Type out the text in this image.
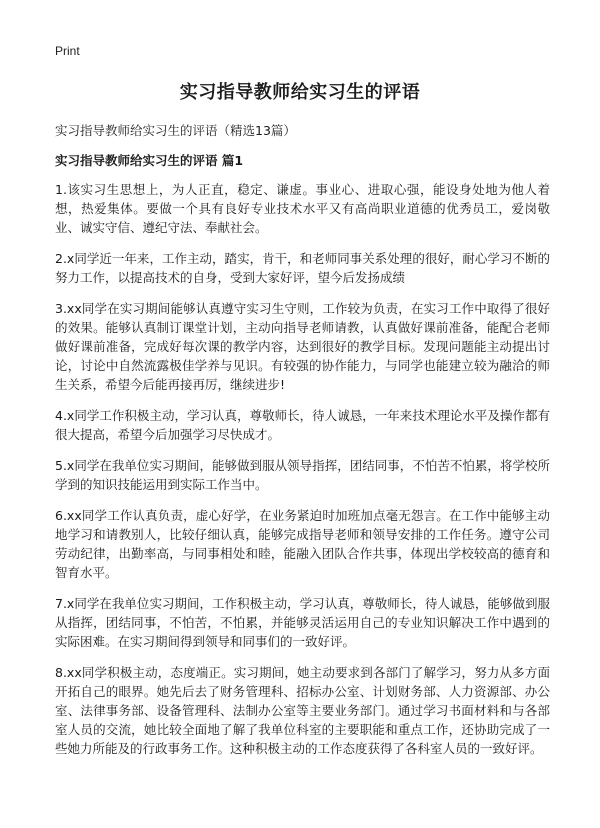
Print
实习指导教师给实习生的评语
实习指导教师给实习生的评语（精选13篇）
实习指导教师给实习生的评语 篇1

1.该实习生思想上，为人正直，稳定、谦虚。事业心、进取心强，能设身处地为他人着想，热爱集体。要做一个具有良好专业技术水平又有高尚职业道德的优秀员工，爱岗敬业、诚实守信、遵纪守法、奉献社会。

2.x同学近一年来，工作主动，踏实，肯干，和老师同事关系处理的很好，耐心学习不断的努力工作，以提高技术的自身，受到大家好评，望今后发扬成绩

3.xx同学在实习期间能够认真遵守实习生守则，工作较为负责，在实习工作中取得了很好的效果。能够认真制订课堂计划，主动向指导老师请教，认真做好课前准备，能配合老师做好课前准备，完成好每次课的教学内容，达到很好的教学目标。发现问题能主动提出讨论，讨论中自然流露极佳学养与见识。有较强的协作能力，与同学也能建立较为融洽的师生关系，希望今后能再接再厉，继续进步!

4.x同学工作积极主动，学习认真，尊敬师长，待人诚恳，一年来技术理论水平及操作都有很大提高，希望今后加强学习尽快成才。

5.x同学在我单位实习期间，能够做到服从领导指挥，团结同事，不怕苦不怕累，将学校所学到的知识技能运用到实际工作当中。

6.xx同学工作认真负责，虚心好学，在业务紧迫时加班加点毫无怨言。在工作中能够主动地学习和请教别人，比较仔细认真，能够完成指导老师和领导安排的工作任务。遵守公司劳动纪律，出勤率高，与同事相处和睦，能融入团队合作共事，体现出学校较高的德育和智育水平。

7.x同学在我单位实习期间，工作积极主动，学习认真，尊敬师长，待人诚恳，能够做到服从指挥，团结同事，不怕苦，不怕累，并能够灵活运用自己的专业知识解决工作中遇到的实际困难。在实习期间得到领导和同事们的一致好评。

8.xx同学积极主动，态度端正。实习期间，她主动要求到各部门了解学习，努力从多方面开拓自己的眼界。她先后去了财务管理科、招标办公室、计划财务部、人力资源部、办公室、法律事务部、设备管理科、法制办公室等主要业务部门。通过学习书面材料和与各部室人员的交流，她比较全面地了解了我单位科室的主要职能和重点工作，还协助完成了一些她力所能及的行政事务工作。这种积极主动的工作态度获得了各科室人员的一致好评。
